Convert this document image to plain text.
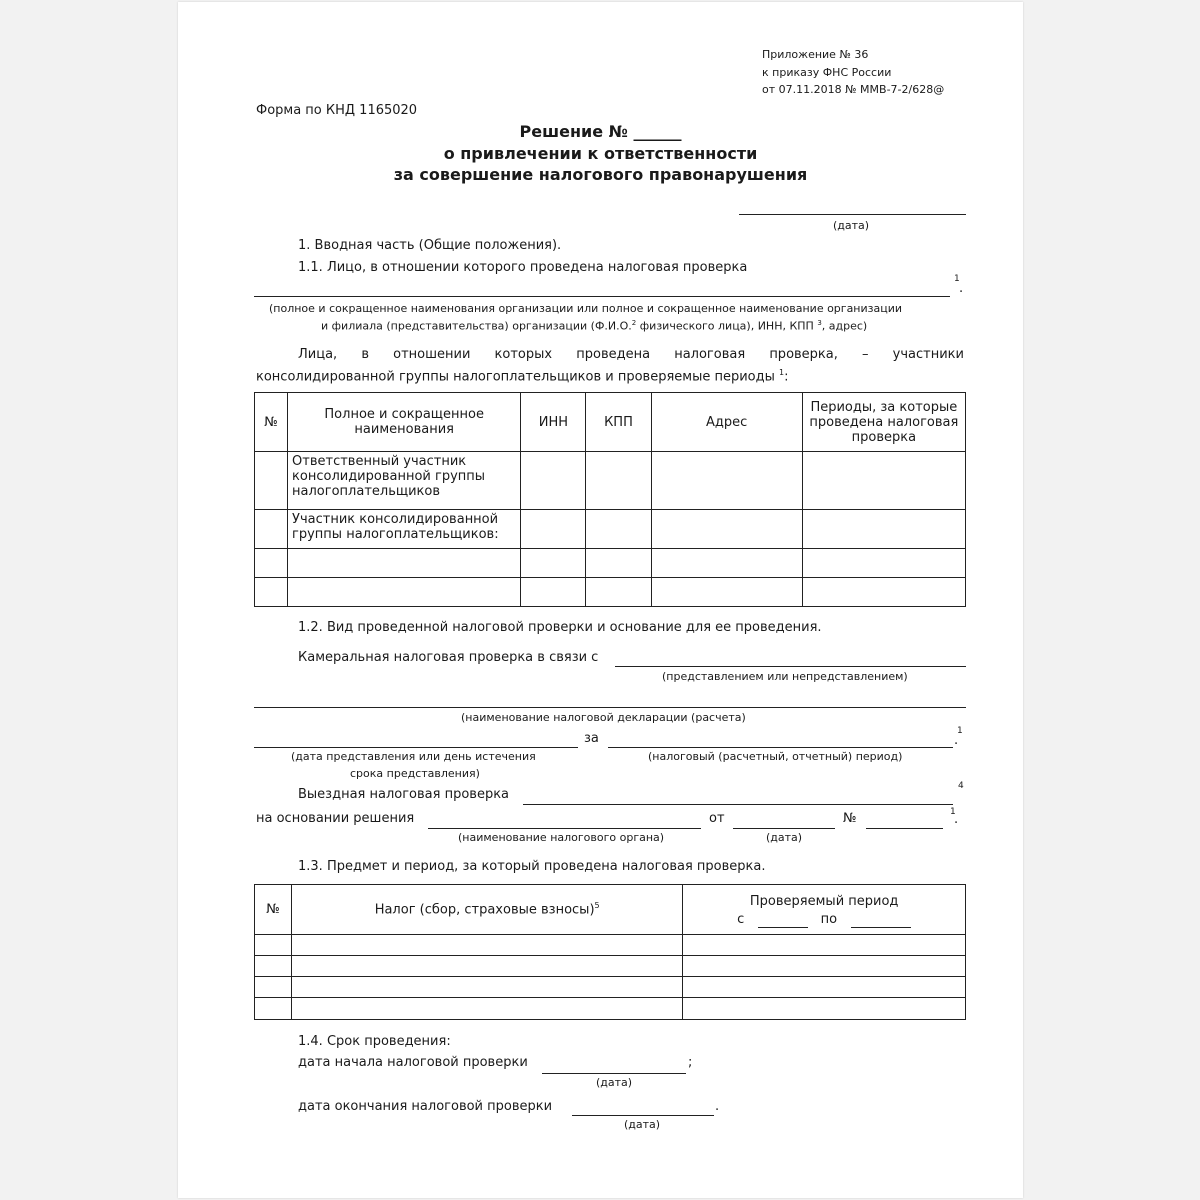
Приложение № 36
к приказу ФНС России
от 07.11.2018 № ММВ-7-2/628@
Форма по КНД 1165020
Решение № ______
о привлечении к ответственности
за совершение налогового правонарушения
(дата)
1. Вводная часть (Общие положения).
1.1. Лицо, в отношении которого проведена налоговая проверка
1
.
(полное и сокращенное наименования организации или полное и сокращенное наименование организации
и филиала (представительства) организации (Ф.И.О.$^2$ физического лица), ИНН, КПП $^3$, адрес)
Лица, в отношении которых проведена налоговая проверка, – участники
консолидированной группы налогоплательщиков и проверяемые периоды $^1$:
№	Полное и сокращенное наименования	ИНН	КПП	Адрес	Периоды, за которые проведена налоговая проверка
	Ответственный участник консолидированной группы налогоплательщиков				
	Участник консолидированной группы налогоплательщиков:				

1.2. Вид проведенной налоговой проверки и основание для ее проведения.
Камеральная налоговая проверка в связи с
(представлением или непредставлением)
(наименование налоговой декларации (расчета)
за	.
1
(дата представления или день истечения
срока представления)
(налоговый (расчетный, отчетный) период)
Выездная налоговая проверка
4
на основании решения	от	№	1
.
(наименование налогового органа)	(дата)
1.3. Предмет и период, за который проведена налоговая проверка.
№	Налог (сбор, страховые взносы)$^5$	Проверяемый период
с по

1.4. Срок проведения:
дата начала налоговой проверки	;
(дата)
дата окончания налоговой проверки	.
(дата)
